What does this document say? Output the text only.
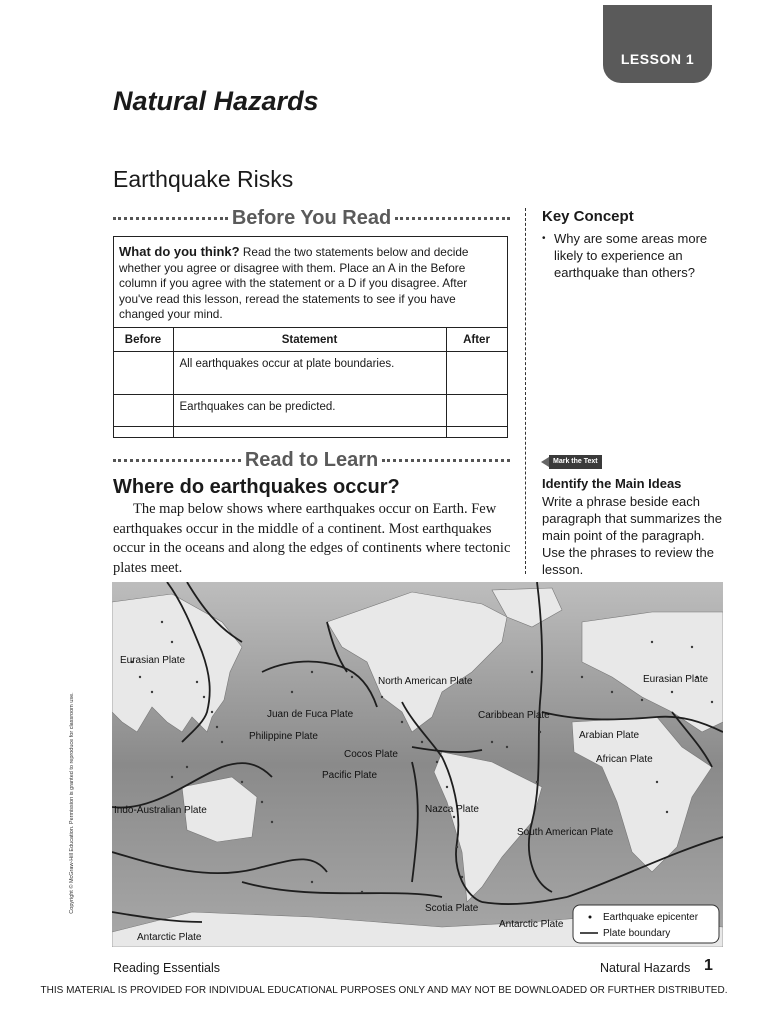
LESSON 1
Natural Hazards
Earthquake Risks
Before You Read
What do you think? Read the two statements below and decide whether you agree or disagree with them. Place an A in the Before column if you agree with the statement or a D if you disagree. After you've read this lesson, reread the statements to see if you have changed your mind.
Before	Statement	After
	All earthquakes occur at plate boundaries.	
	Earthquakes can be predicted.	
Key Concept
• Why are some areas more likely to experience an earthquake than others?
Read to Learn	Mark the Text
Identify the Main Ideas
Write a phrase beside each paragraph that summarizes the main point of the paragraph. Use the phrases to review the lesson.
Where do earthquakes occur?

The map below shows where earthquakes occur on Earth. Few earthquakes occur in the middle of a continent. Most earthquakes occur in the oceans and along the edges of continents where tectonic plates meet.

Eurasian Plate
North American Plate
Juan de Fuca Plate	Caribbean Plate
Philippine Plate
Cocos Plate
Pacific Plate
Indo-Australian Plate	Nazca Plate
South American Plate
Scotia Plate
Antarctic Plate
Antarctic Plate
Eurasian Plate
Arabian Plate
African Plate
Earthquake epicenter
Plate boundary
Copyright © McGraw-Hill Education. Permission is granted to reproduce for classroom use.
Reading Essentials	Natural Hazards 1
THIS MATERIAL IS PROVIDED FOR INDIVIDUAL EDUCATIONAL PURPOSES ONLY AND MAY NOT BE DOWNLOADED OR FURTHER DISTRIBUTED.
